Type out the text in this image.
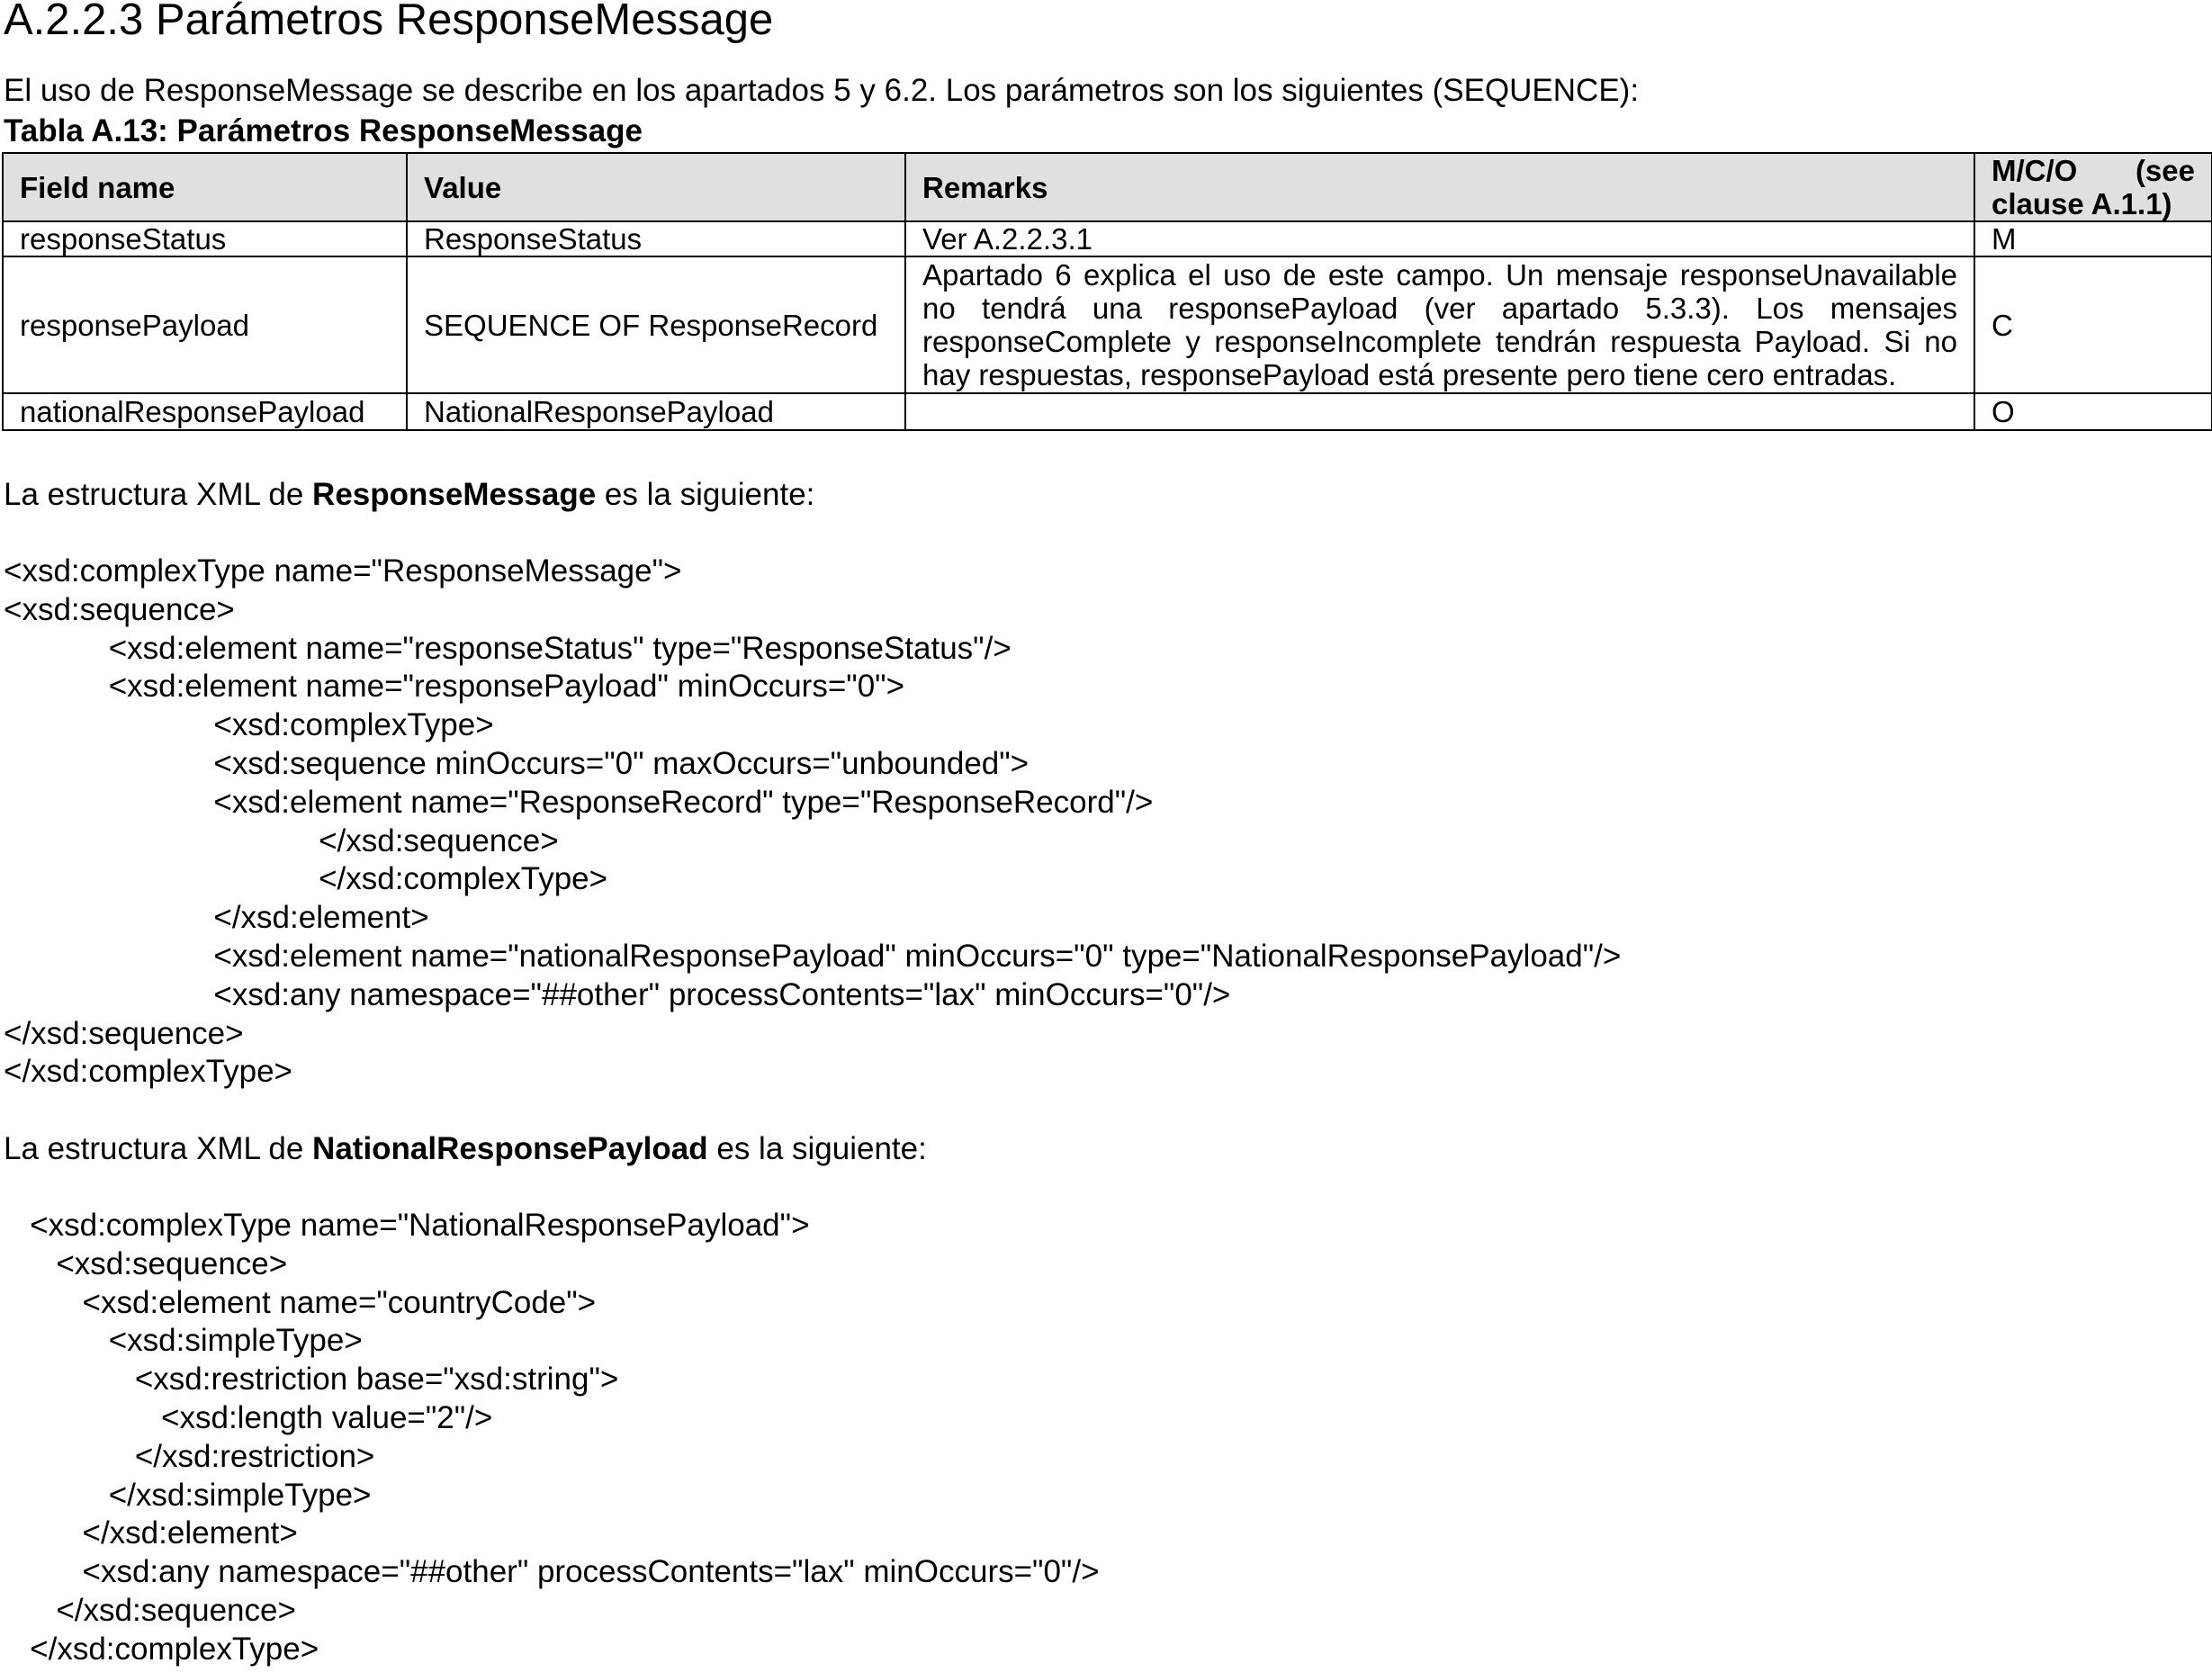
A.2.2.3 Parámetros ResponseMessage

El uso de ResponseMessage se describe en los apartados 5 y 6.2. Los parámetros son los siguientes (SEQUENCE):

Tabla A.13: Parámetros ResponseMessage

Field name	Value	Remarks	M/C/O (see clause A.1.1)
responseStatus	ResponseStatus	Ver A.2.2.3.1	M
responsePayload	SEQUENCE OF ResponseRecord	Apartado 6 explica el uso de este campo. Un mensaje responseUnavailable no tendrá una responsePayload (ver apartado 5.3.3). Los mensajes responseComplete y responseIncomplete tendrán respuesta Payload. Si no hay respuestas, responsePayload está presente pero tiene cero entradas.	C
nationalResponsePayload	NationalResponsePayload		O

La estructura XML de ResponseMessage es la siguiente:

<xsd:complexType name="ResponseMessage">
<xsd:sequence>
<xsd:element name="responseStatus" type="ResponseStatus"/>
<xsd:element name="responsePayload" minOccurs="0">
<xsd:complexType>
<xsd:sequence minOccurs="0" maxOccurs="unbounded">
<xsd:element name="ResponseRecord" type="ResponseRecord"/>
</xsd:sequence>
</xsd:complexType>
</xsd:element>
<xsd:element name="nationalResponsePayload" minOccurs="0" type="NationalResponsePayload"/>
<xsd:any namespace="##other" processContents="lax" minOccurs="0"/>
</xsd:sequence>
</xsd:complexType>

La estructura XML de NationalResponsePayload es la siguiente:

<xsd:complexType name="NationalResponsePayload">
<xsd:sequence>
<xsd:element name="countryCode">
<xsd:simpleType>
<xsd:restriction base="xsd:string">
<xsd:length value="2"/>
</xsd:restriction>
</xsd:simpleType>
</xsd:element>
<xsd:any namespace="##other" processContents="lax" minOccurs="0"/>
</xsd:sequence>
</xsd:complexType>
